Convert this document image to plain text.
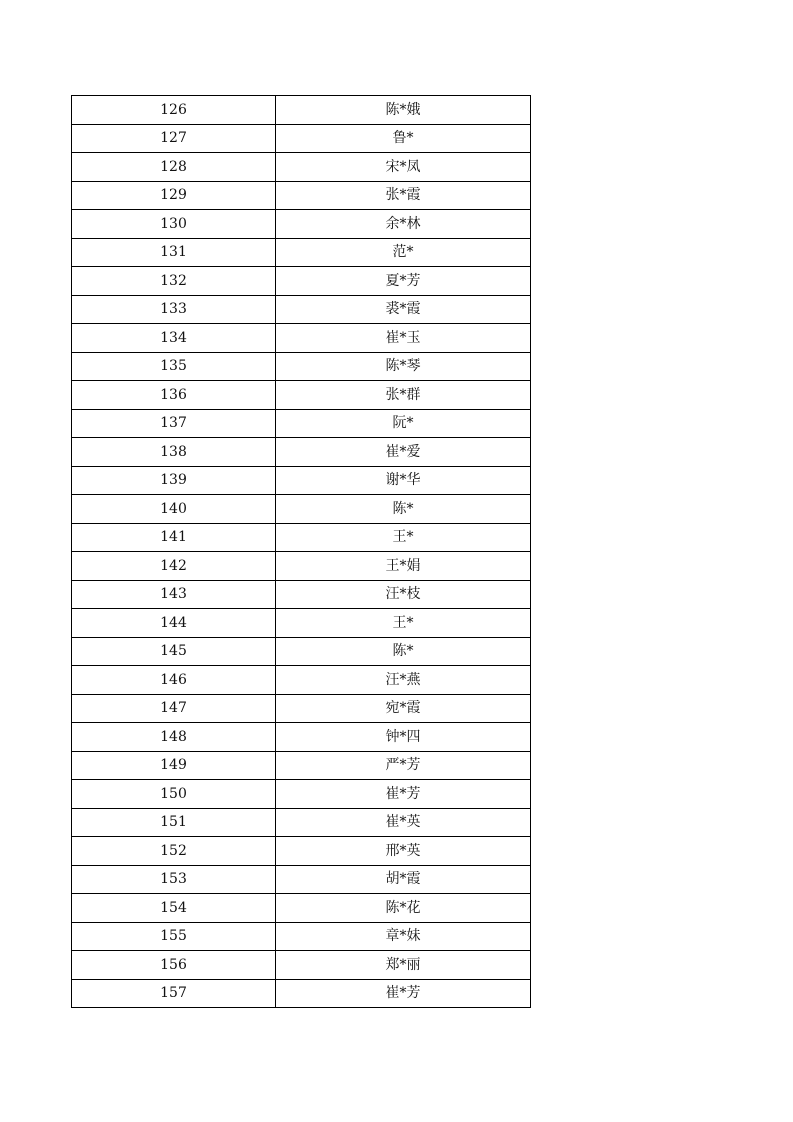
126	陈*娥
127	鲁*
128	宋*凤
129	张*霞
130	余*林
131	范*
132	夏*芳
133	裘*霞
134	崔*玉
135	陈*琴
136	张*群
137	阮*
138	崔*爱
139	谢*华
140	陈*
141	王*
142	王*娟
143	汪*枝
144	王*
145	陈*
146	汪*燕
147	宛*霞
148	钟*四
149	严*芳
150	崔*芳
151	崔*英
152	邢*英
153	胡*霞
154	陈*花
155	章*妹
156	郑*丽
157	崔*芳
